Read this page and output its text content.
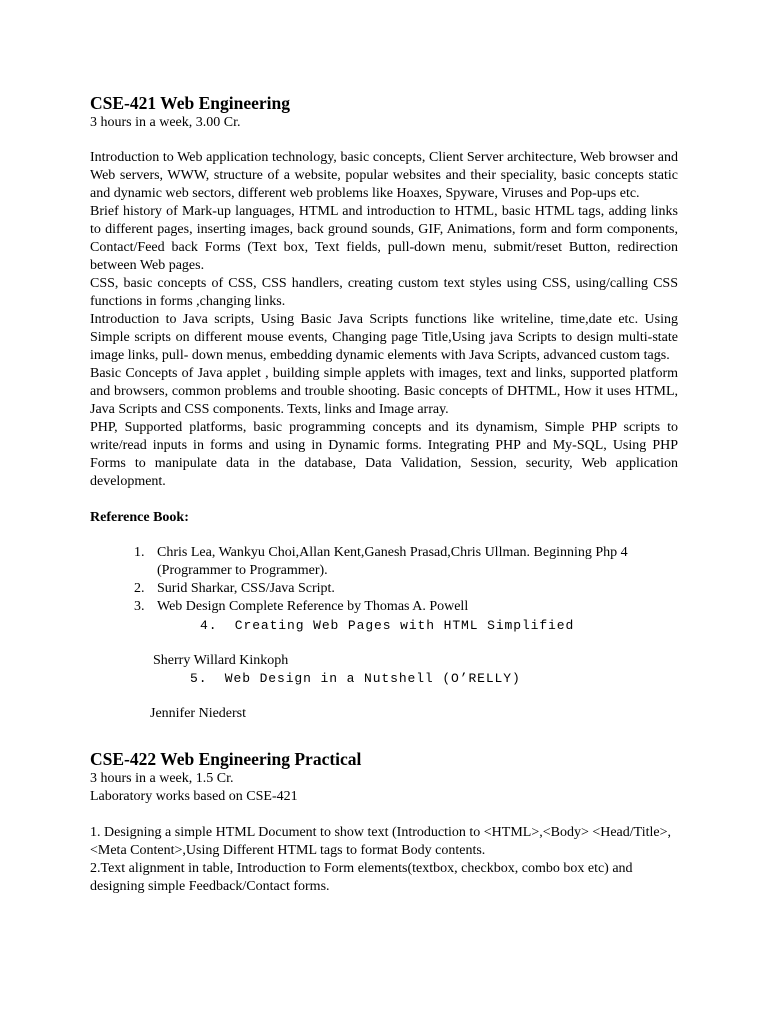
CSE-421 Web Engineering

3 hours in a week, 3.00 Cr.

Introduction to Web application technology, basic concepts, Client Server architecture, Web browser and Web servers, WWW, structure of a website, popular websites and their speciality, basic concepts static and dynamic web sectors, different web problems like Hoaxes, Spyware, Viruses and Pop-ups etc.

Brief history of Mark-up languages, HTML and introduction to HTML, basic HTML tags, adding links to different pages, inserting images, back ground sounds, GIF, Animations, form and form components, Contact/Feed back Forms (Text box, Text fields, pull-down menu, submit/reset Button, redirection between Web pages.

CSS, basic concepts of CSS, CSS handlers, creating custom text styles using CSS, using/calling CSS functions in forms ,changing links.

Introduction to Java scripts, Using Basic Java Scripts functions like writeline, time,date etc. Using Simple scripts on different mouse events, Changing page Title,Using java Scripts to design multi-state image links, pull- down menus, embedding dynamic elements with Java Scripts, advanced custom tags.

Basic Concepts of Java applet , building simple applets with images, text and links, supported platform and browsers, common problems and trouble shooting. Basic concepts of DHTML, How it uses HTML, Java Scripts and CSS components. Texts, links and Image array.

PHP, Supported platforms, basic programming concepts and its dynamism, Simple PHP scripts to write/read inputs in forms and using in Dynamic forms. Integrating PHP and My-SQL, Using PHP Forms to manipulate data in the database, Data Validation, Session, security, Web application development.

Reference Book:
1. Chris Lea, Wankyu Choi,Allan Kent,Ganesh Prasad,Chris Ullman. Beginning Php 4 (Programmer to Programmer).
2. Surid Sharkar, CSS/Java Script.
3. Web Design Complete Reference by Thomas A. Powell
4.  Creating Web Pages with HTML Simplified
Sherry Willard Kinkoph
5.  Web Design in a Nutshell (O’RELLY)
Jennifer Niederst
CSE-422 Web Engineering Practical

3 hours in a week, 1.5 Cr.

Laboratory works based on CSE-421

1. Designing a simple HTML Document to show text (Introduction to <HTML>,<Body> <Head/Title>, <Meta Content>,Using Different HTML tags to format Body contents.

2.Text alignment in table, Introduction to Form elements(textbox, checkbox, combo box etc) and designing simple Feedback/Contact forms.
